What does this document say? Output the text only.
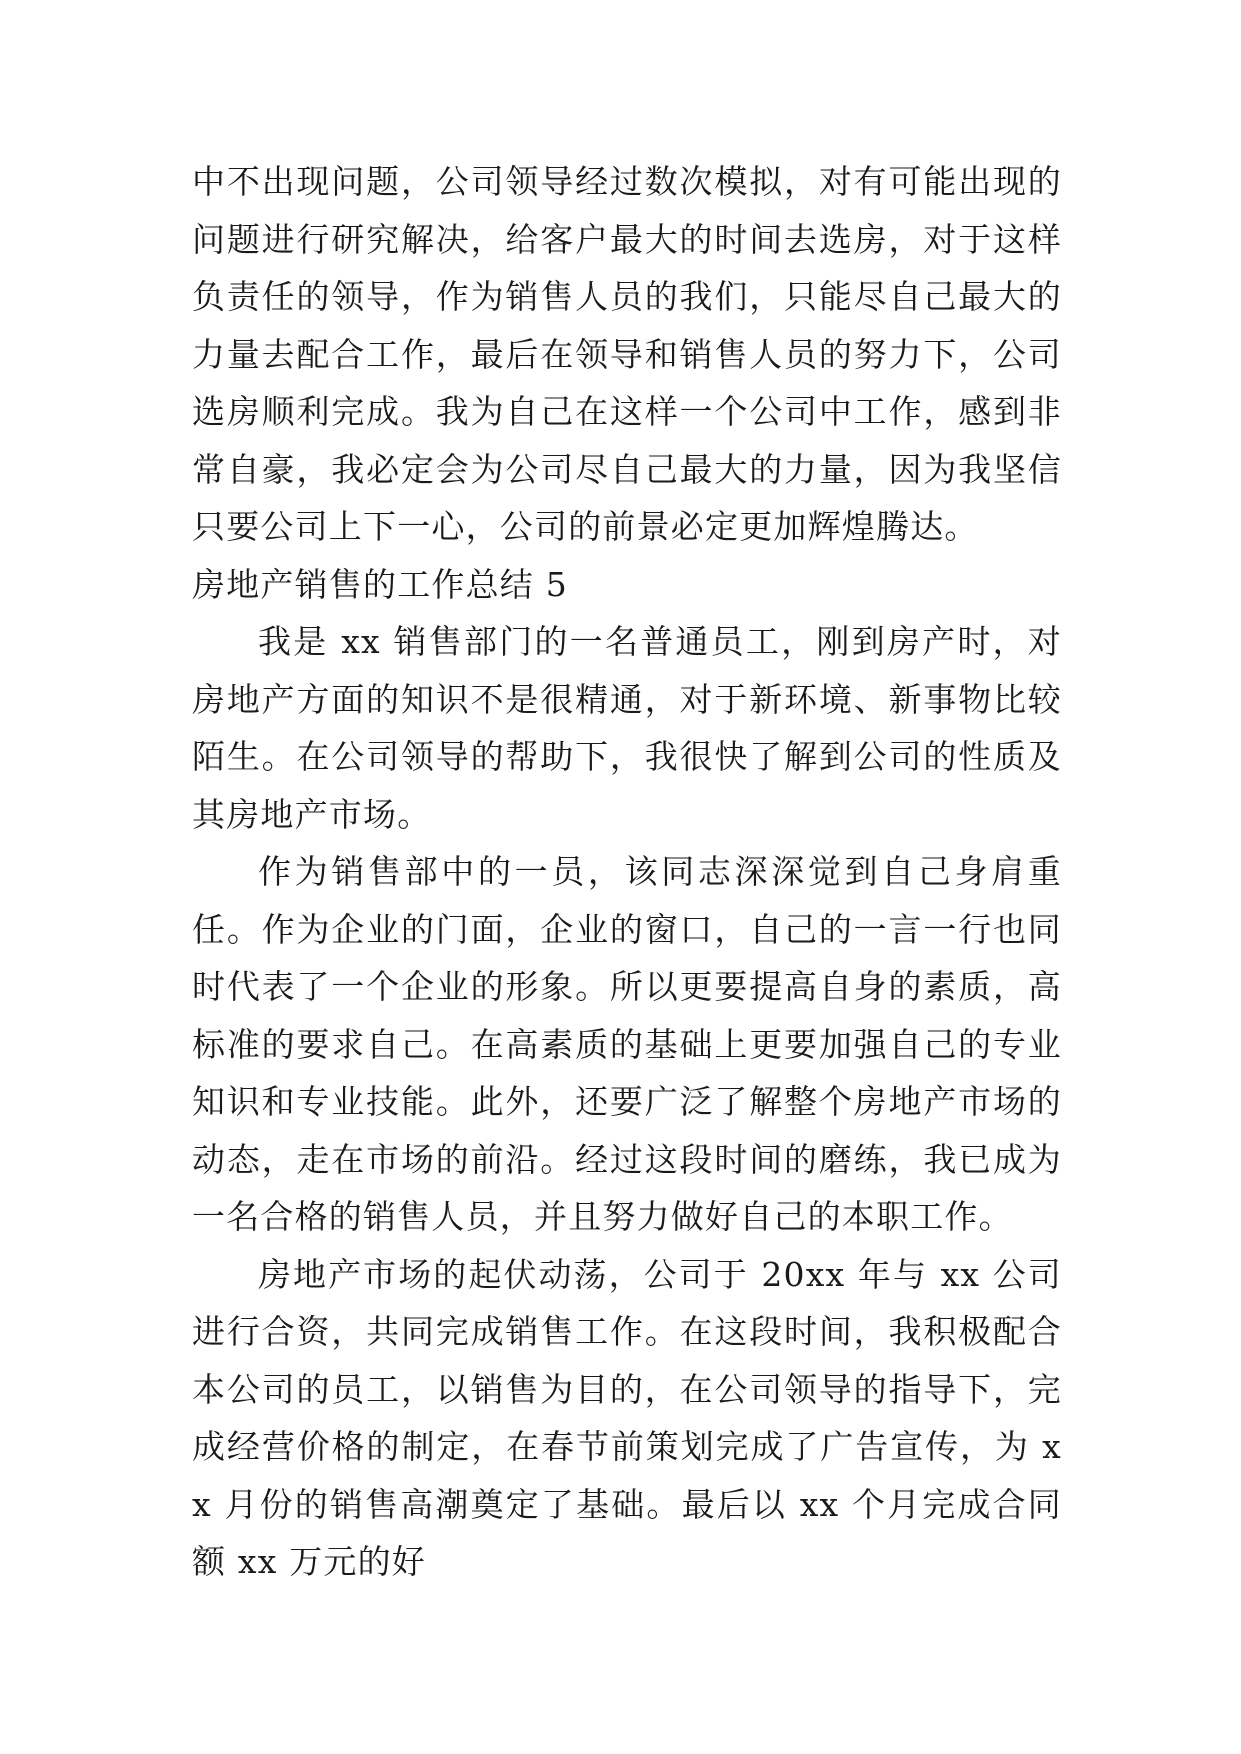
中不出现问题，公司领导经过数次模拟，对有可能出现的问题进行研究解决，给客户最大的时间去选房，对于这样负责任的领导，作为销售人员的我们，只能尽自己最大的力量去配合工作，最后在领导和销售人员的努力下，公司选房顺利完成。我为自己在这样一个公司中工作，感到非常自豪，我必定会为公司尽自己最大的力量，因为我坚信只要公司上下一心，公司的前景必定更加辉煌腾达。

房地产销售的工作总结 5

我是 xx 销售部门的一名普通员工，刚到房产时，对房地产方面的知识不是很精通，对于新环境、新事物比较陌生。在公司领导的帮助下，我很快了解到公司的性质及其房地产市场。

作为销售部中的一员，该同志深深觉到自己身肩重任。作为企业的门面，企业的窗口，自己的一言一行也同时代表了一个企业的形象。所以更要提高自身的素质，高标准的要求自己。在高素质的基础上更要加强自己的专业知识和专业技能。此外，还要广泛了解整个房地产市场的动态，走在市场的前沿。经过这段时间的磨练，我已成为一名合格的销售人员，并且努力做好自己的本职工作。

房地产市场的起伏动荡，公司于 20xx 年与 xx 公司进行合资，共同完成销售工作。在这段时间，我积极配合本公司的员工，以销售为目的，在公司领导的指导下，完成经营价格的制定，在春节前策划完成了广告宣传，为 xx 月份的销售高潮奠定了基础。最后以 xx 个月完成合同额 xx 万元的好
